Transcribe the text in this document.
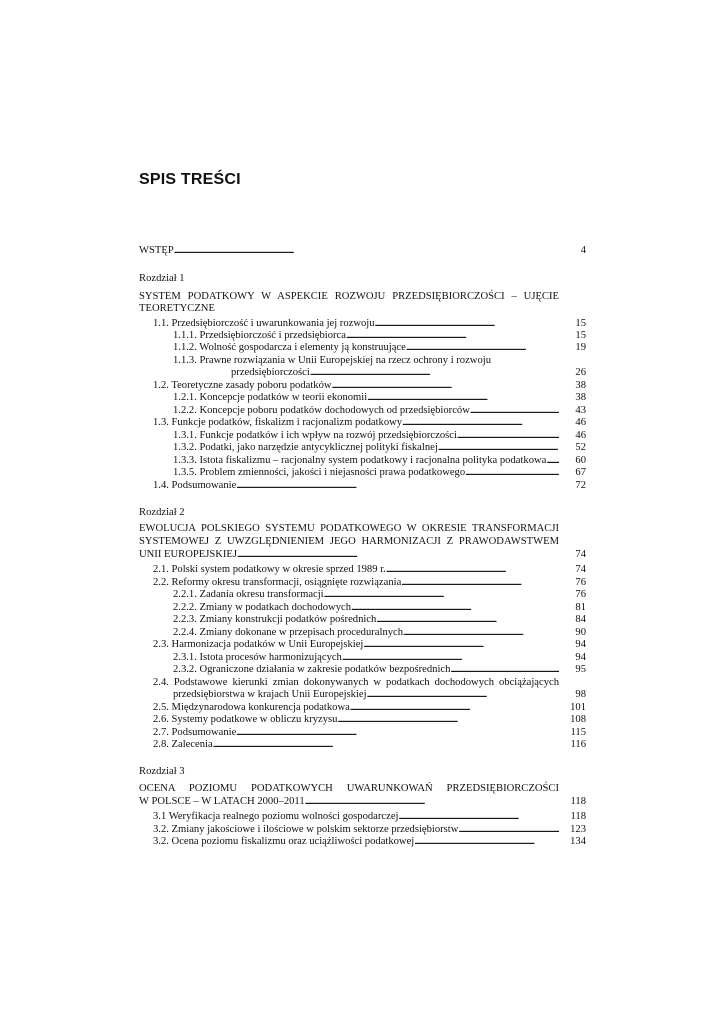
SPIS TREŚCI
WSTĘP . . .	4
Rozdział 1
SYSTEM PODATKOWY W ASPEKCIE ROZWOJU PRZEDSIĘBIORCZOŚCI – UJĘCIE
TEORETYCZNE
1.1. Przedsiębiorczość i uwarunkowania jej rozwoju . . .	15
1.1.1. Przedsiębiorczość i przedsiębiorca . . .	15
1.1.2. Wolność gospodarcza i elementy ją konstruujące . . .	19
1.1.3. Prawne rozwiązania w Unii Europejskiej na rzecz ochrony i rozwoju
przedsiębiorczości . . .	26
1.2. Teoretyczne zasady poboru podatków . . .	38
1.2.1. Koncepcje podatków w teorii ekonomii . . .	38
1.2.2. Koncepcje poboru podatków dochodowych od przedsiębiorców . . .	43
1.3. Funkcje podatków, fiskalizm i racjonalizm podatkowy . . .	46
1.3.1. Funkcje podatków i ich wpływ na rozwój przedsiębiorczości . . .	46
1.3.2. Podatki, jako narzędzie antycyklicznej polityki fiskalnej . . .	52
1.3.3. Istota fiskalizmu – racjonalny system podatkowy i racjonalna polityka podatkowa . . .	60
1.3.5. Problem zmienności, jakości i niejasności prawa podatkowego . . .	67
1.4. Podsumowanie . . .	72
Rozdział 2
EWOLUCJA POLSKIEGO SYSTEMU PODATKOWEGO W OKRESIE TRANSFORMACJI
SYSTEMOWEJ Z UWZGLĘDNIENIEM JEGO HARMONIZACJI Z PRAWODAWSTWEM
UNII EUROPEJSKIEJ . . .	74
2.1. Polski system podatkowy w okresie sprzed 1989 r. . . .	74
2.2. Reformy okresu transformacji, osiągnięte rozwiązania . . .	76
2.2.1. Zadania okresu transformacji . . .	76
2.2.2. Zmiany w podatkach dochodowych . . .	81
2.2.3. Zmiany konstrukcji podatków pośrednich . . .	84
2.2.4. Zmiany dokonane w przepisach proceduralnych . . .	90
2.3. Harmonizacja podatków w Unii Europejskiej . . .	94
2.3.1. Istota procesów harmonizujących . . .	94
2.3.2. Ograniczone działania w zakresie podatków bezpośrednich . . .	95
2.4. Podstawowe kierunki zmian dokonywanych w podatkach dochodowych obciążających
przedsiębiorstwa w krajach Unii Europejskiej . . .	98
2.5. Międzynarodowa konkurencja podatkowa . . .	101
2.6. Systemy podatkowe w obliczu kryzysu . . .	108
2.7. Podsumowanie . . .	115
2.8. Zalecenia . . .	116
Rozdział 3
OCENA POZIOMU PODATKOWYCH UWARUNKOWAŃ PRZEDSIĘBIORCZOŚCI
W POLSCE – W LATACH 2000–2011 . . .	118
3.1 Weryfikacja realnego poziomu wolności gospodarczej . . .	118
3.2. Zmiany jakościowe i ilościowe w polskim sektorze przedsiębiorstw . . .	123
3.2. Ocena poziomu fiskalizmu oraz uciążliwości podatkowej . . .	134
